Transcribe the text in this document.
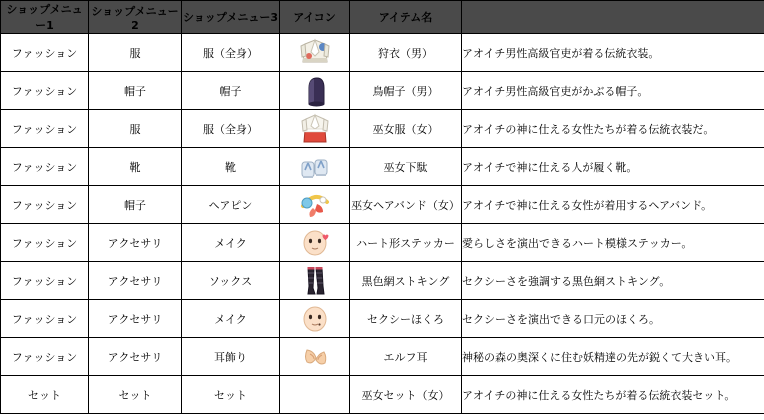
ショップメニュー1	ショップメニュー2	ショップメニュー3	アイコン	アイテム名	
ファッション	服	服（全身）		狩衣（男）	アオイチ男性高級官吏が着る伝統衣装。
ファッション	帽子	帽子		鳥帽子（男）	アオイチ男性高級官吏がかぶる帽子。
ファッション	服	服（全身）		巫女服（女）	アオイチの神に仕える女性たちが着る伝統衣装だ。
ファッション	靴	靴		巫女下駄	アオイチで神に仕える人が履く靴。
ファッション	帽子	ヘアピン		巫女ヘアバンド（女）	アオイチで神に仕える女性が着用するヘアバンド。
ファッション	アクセサリ	メイク		ハート形ステッカー	愛らしさを演出できるハート模様ステッカー。
ファッション	アクセサリ	ソックス		黒色網ストキング	セクシーさを強調する黒色網ストキング。
ファッション	アクセサリ	メイク		セクシーほくろ	セクシーさを演出できる口元のほくろ。
ファッション	アクセサリ	耳飾り		エルフ耳	神秘の森の奥深くに住む妖精達の先が鋭くて大きい耳。
セット	セット	セット		巫女セット（女）	アオイチの神に仕える女性たちが着る伝統衣装セット。
